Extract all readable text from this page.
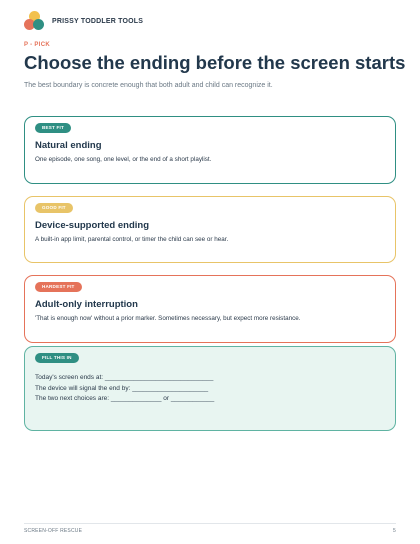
PRISSY TODDLER TOOLS
P - PICK
Choose the ending before the screen starts

The best boundary is concrete enough that both adult and child can recognize it.

BEST FIT
Natural ending
One episode, one song, one level, or the end of a short playlist.
GOOD FIT
Device-supported ending
A built-in app limit, parental control, or timer the child can see or hear.
HARDEST FIT
Adult-only interruption
'That is enough now' without a prior marker. Sometimes necessary, but expect more resistance.
FILL THIS IN
Today's screen ends at: ______________________________
The device will signal the end by: _____________________
The two next choices are: ______________ or ____________
SCREEN-OFF RESCUE	5
